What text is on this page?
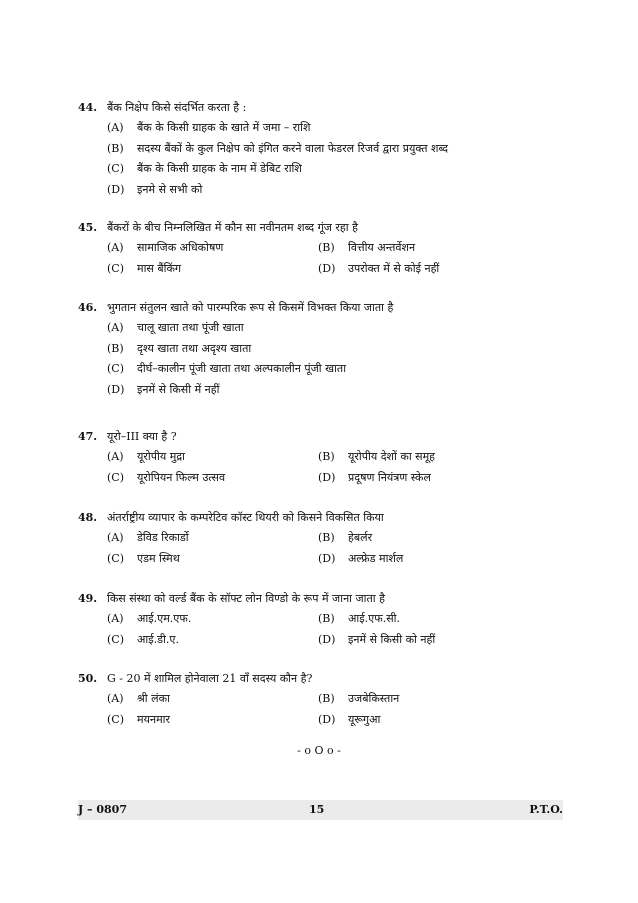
44. बैंक निक्षेप किसे संदर्भित करता है :
(A) बैंक के किसी ग्राहक के खाते में जमा – राशि
(B) सदस्य बैंकों के कुल निक्षेप को इंगित करने वाला फेडरल रिजर्व द्वारा प्रयुक्त शब्द
(C) बैंक के किसी ग्राहक के नाम में डेबिट राशि
(D) इनमे से सभी को
45. बैंकरों के बीच निम्नलिखित में कौन सा नवीनतम शब्द गूंज रहा है
(A) सामाजिक अधिकोषण	(B) वित्तीय अन्तर्वेशन
(C) मास बैंकिंग	(D) उपरोक्त में से कोई नहीं
46. भुगतान संतुलन खाते को पारम्परिक रूप से किसमें विभक्त किया जाता है
(A) चालू खाता तथा पूंजी खाता
(B) दृश्य खाता तथा अदृश्य खाता
(C) दीर्घ–कालीन पूंजी खाता तथा अल्पकालीन पूंजी खाता
(D) इनमें से किसी में नहीं
47. यूरो–III क्या है ?
(A) यूरोपीय मुद्रा	(B) यूरोपीय देशों का समूह
(C) यूरोपियन फिल्म उत्सव	(D) प्रदूषण नियंत्रण स्केल
48. अंतर्राष्ट्रीय व्यापार के कम्परेटिव कॉस्ट थियरी को किसने विकसित किया
(A) डेविड रिकार्डो	(B) हेबर्लर
(C) एडम स्मिथ	(D) अल्फ्रेड मार्शल
49. किस संस्था को वर्ल्ड बैंक के सॉफ्ट लोन विण्डो के रूप में जाना जाता है
(A) आई.एम.एफ.	(B) आई.एफ.सी.
(C) आई.डी.ए.	(D) इनमें से किसी को नहीं
50. G - 20 में शामिल होनेवाला 21 वाँ सदस्य कौन है?
(A) श्री लंका	(B) उजबेकिस्तान
(C) मयनमार	(D) यूरूगुआ
- o O o -
J – 0807	15	P.T.O.
